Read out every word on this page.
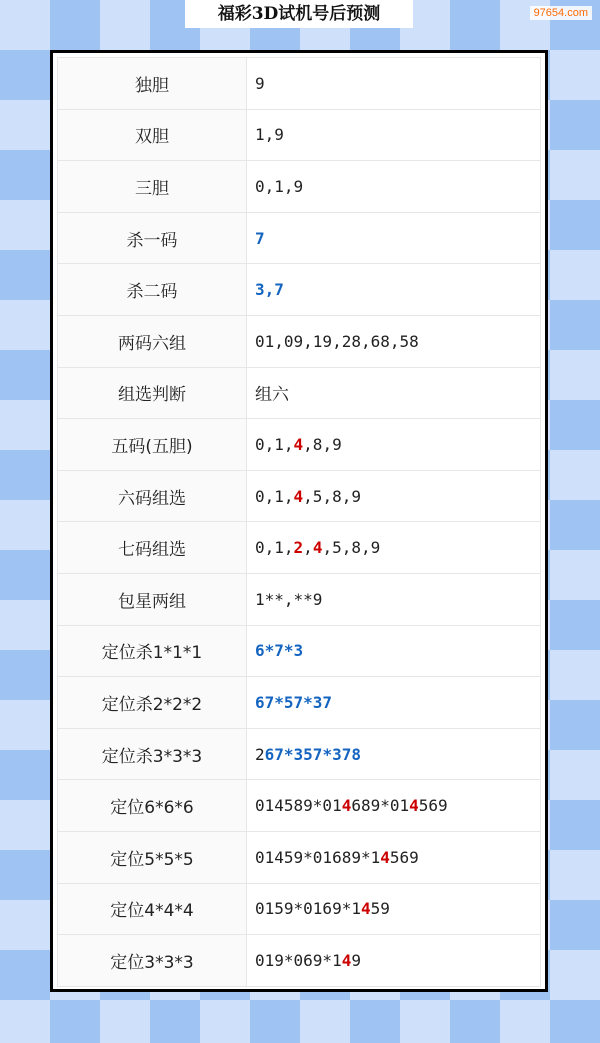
福彩3D试机号后预测	97654.com
独胆	9
双胆	1,9
三胆	0,1,9
杀一码	7
杀二码	3,7
两码六组	01,09,19,28,68,58
组选判断	组六
五码(五胆)	0,1,4,8,9
六码组选	0,1,4,5,8,9
七码组选	0,1,2,4,5,8,9
包星两组	1**,**9
定位杀1*1*1	6*7*3
定位杀2*2*2	67*57*37
定位杀3*3*3	267*357*378
定位6*6*6	014589*014689*014569
定位5*5*5	01459*01689*14569
定位4*4*4	0159*0169*1459
定位3*3*3	019*069*149
